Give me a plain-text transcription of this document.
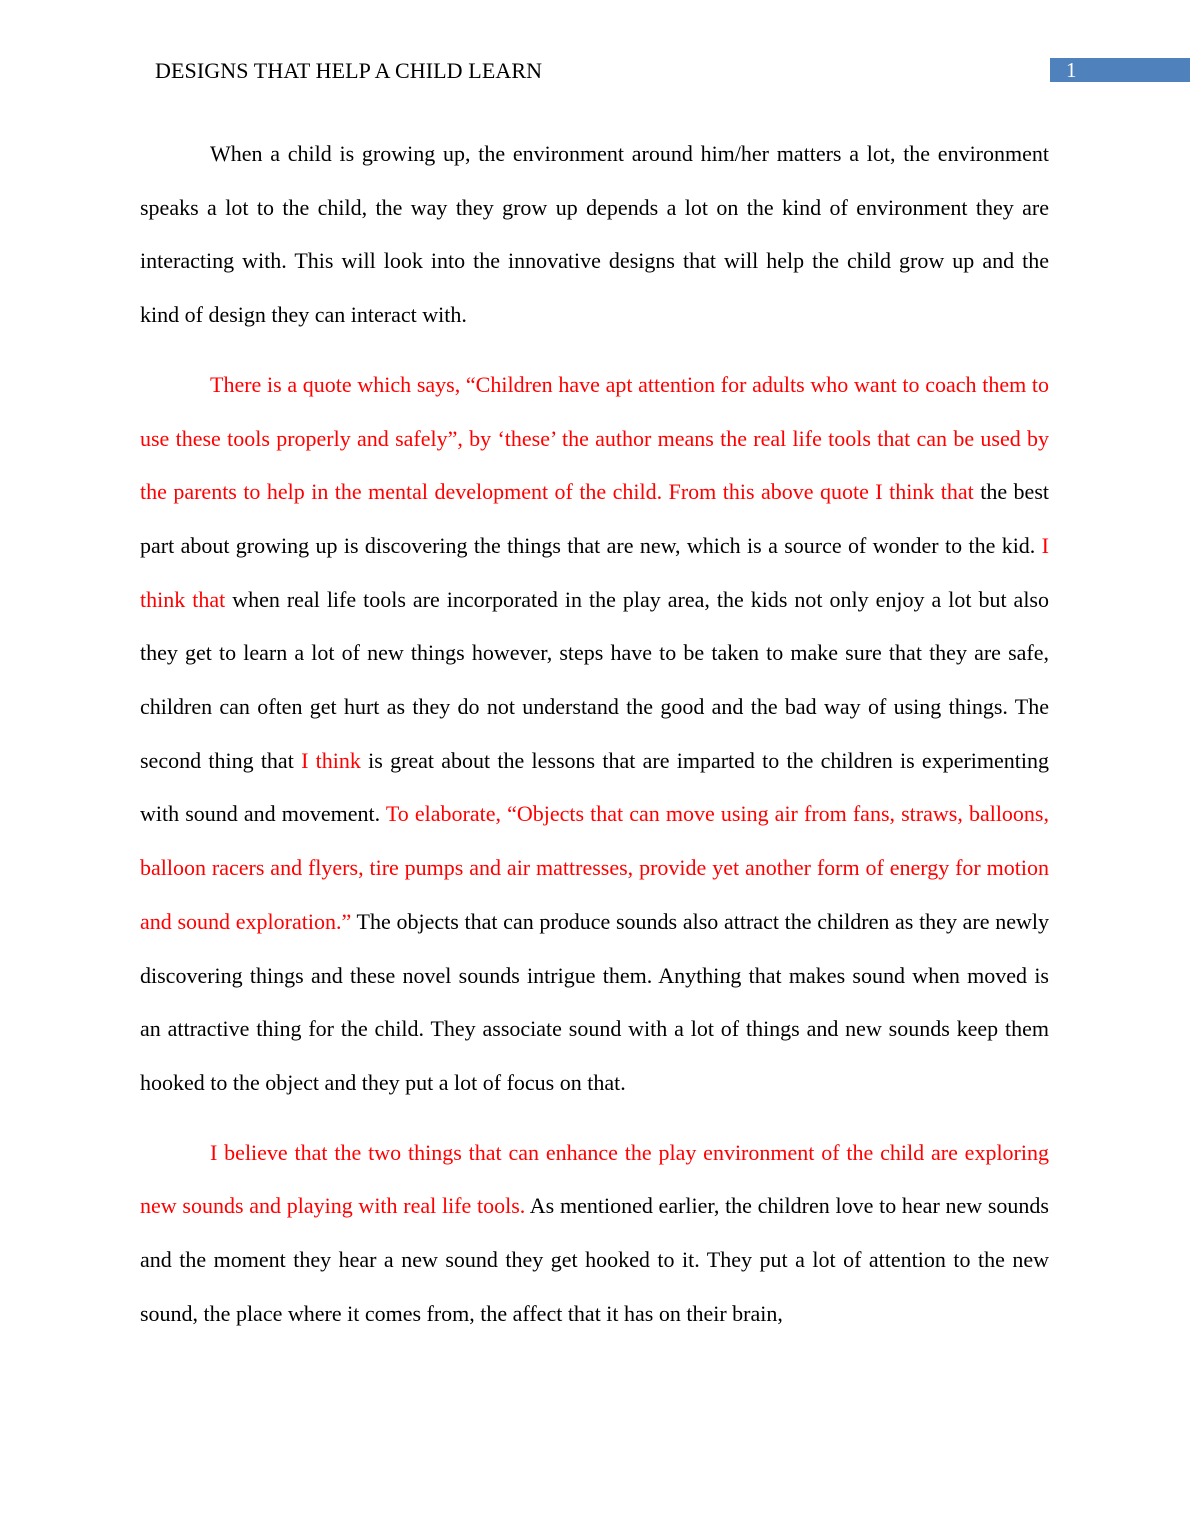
DESIGNS THAT HELP A CHILD LEARN	1

When a child is growing up, the environment around him/her matters a lot, the environment speaks a lot to the child, the way they grow up depends a lot on the kind of environment they are interacting with. This will look into the innovative designs that will help the child grow up and the kind of design they can interact with.

There is a quote which says, “Children have apt attention for adults who want to coach them to use these tools properly and safely”, by ‘these’ the author means the real life tools that can be used by the parents to help in the mental development of the child. From this above quote I think that the best part about growing up is discovering the things that are new, which is a source of wonder to the kid. I think that when real life tools are incorporated in the play area, the kids not only enjoy a lot but also they get to learn a lot of new things however, steps have to be taken to make sure that they are safe, children can often get hurt as they do not understand the good and the bad way of using things. The second thing that I think is great about the lessons that are imparted to the children is experimenting with sound and movement. To elaborate, “Objects that can move using air from fans, straws, balloons, balloon racers and flyers, tire pumps and air mattresses, provide yet another form of energy for motion and sound exploration.” The objects that can produce sounds also attract the children as they are newly discovering things and these novel sounds intrigue them. Anything that makes sound when moved is an attractive thing for the child. They associate sound with a lot of things and new sounds keep them hooked to the object and they put a lot of focus on that.

I believe that the two things that can enhance the play environment of the child are exploring new sounds and playing with real life tools. As mentioned earlier, the children love to hear new sounds and the moment they hear a new sound they get hooked to it. They put a lot of attention to the new sound, the place where it comes from, the affect that it has on their brain,
